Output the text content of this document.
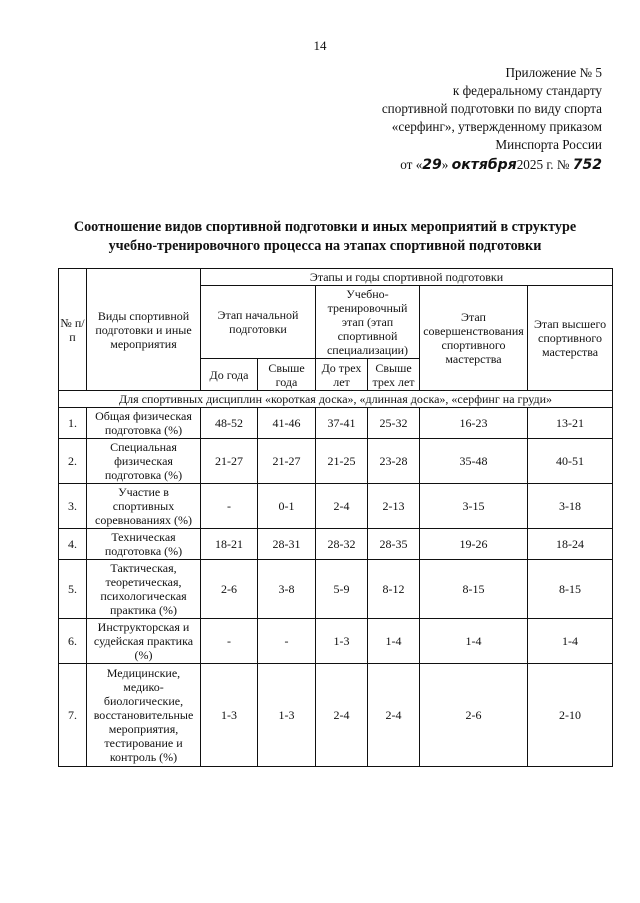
14
Приложение № 5
к федеральному стандарту
спортивной подготовки по виду спорта
«серфинг», утвержденному приказом
Минспорта России
от «29» октября2025 г. № 752
Соотношение видов спортивной подготовки и иных мероприятий в структуре
учебно-тренировочного процесса на этапах спортивной подготовки
№ п/п	Виды спортивной подготовки и иные мероприятия	Этапы и годы спортивной подготовки					
		Этап начальной подготовки		Учебно-тренировочный этап (этап спортивной специализации)		Этап совершенствования спортивного мастерства	Этап высшего спортивного мастерства
		До года	Свыше года	До трех лет	Свыше трех лет		
Для спортивных дисциплин «короткая доска», «длинная доска», «серфинг на груди»							
1.	Общая физическая подготовка (%)	48-52	41-46	37-41	25-32	16-23	13-21
2.	Специальная физическая подготовка (%)	21-27	21-27	21-25	23-28	35-48	40-51
3.	Участие в спортивных соревнованиях (%)	-	0-1	2-4	2-13	3-15	3-18
4.	Техническая подготовка (%)	18-21	28-31	28-32	28-35	19-26	18-24
5.	Тактическая, теоретическая, психологическая практика (%)	2-6	3-8	5-9	8-12	8-15	8-15
6.	Инструкторская и судейская практика (%)	-	-	1-3	1-4	1-4	1-4
7.	Медицинские, медико-биологические, восстановительные мероприятия, тестирование и контроль (%)	1-3	1-3	2-4	2-4	2-6	2-10
